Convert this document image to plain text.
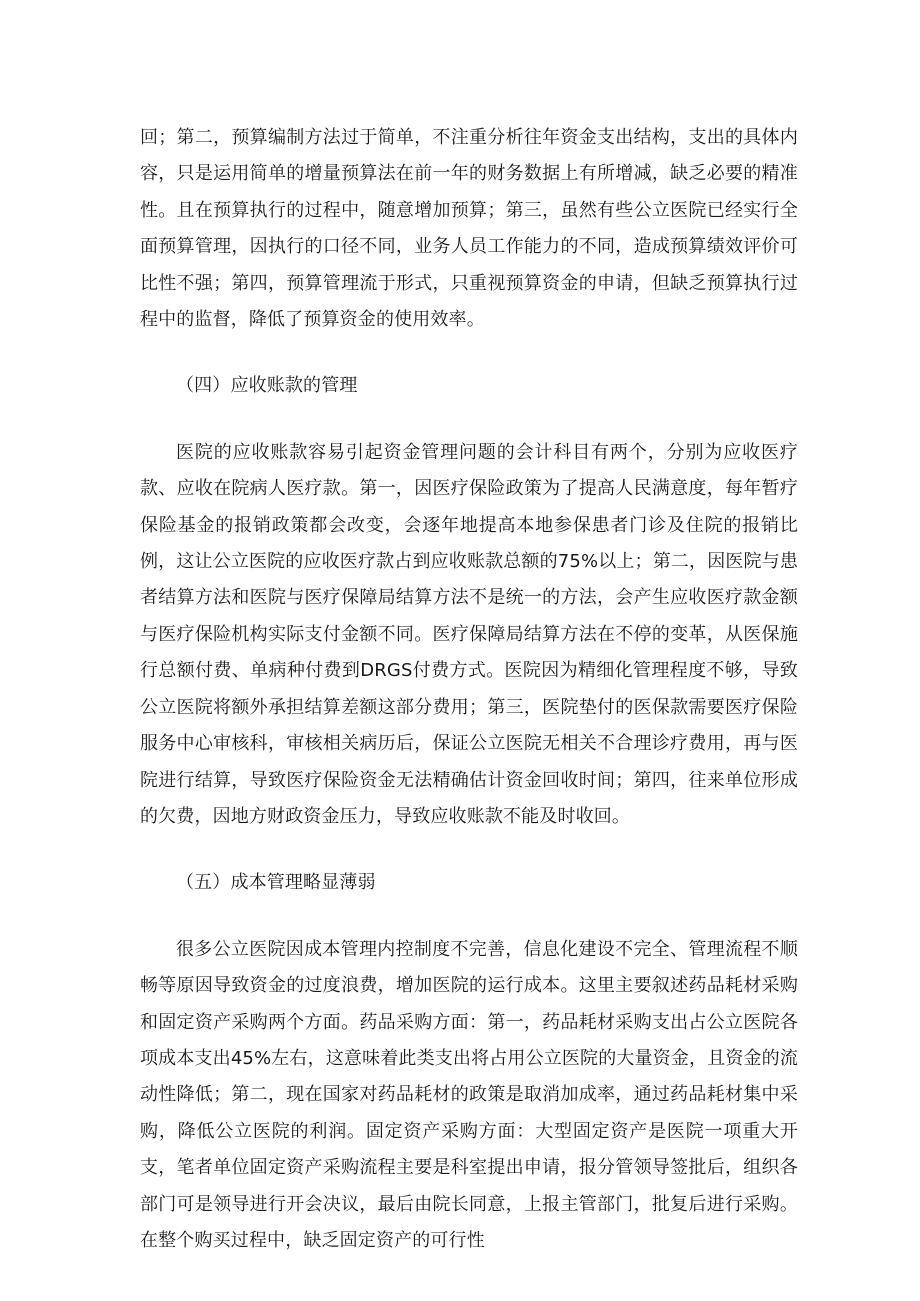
回；第二，预算编制方法过于简单，不注重分析往年资金支出结构，支出的具体内容，只是运用简单的增量预算法在前一年的财务数据上有所增减，缺乏必要的精准性。且在预算执行的过程中，随意增加预算；第三，虽然有些公立医院已经实行全面预算管理，因执行的口径不同，业务人员工作能力的不同，造成预算绩效评价可比性不强；第四，预算管理流于形式，只重视预算资金的申请，但缺乏预算执行过程中的监督，降低了预算资金的使用效率。

（四）应收账款的管理

医院的应收账款容易引起资金管理问题的会计科目有两个，分别为应收医疗款、应收在院病人医疗款。第一，因医疗保险政策为了提高人民满意度，每年暂疗保险基金的报销政策都会改变，会逐年地提高本地参保患者门诊及住院的报销比例，这让公立医院的应收医疗款占到应收账款总额的75%以上；第二，因医院与患者结算方法和医院与医疗保障局结算方法不是统一的方法，会产生应收医疗款金额与医疗保险机构实际支付金额不同。医疗保障局结算方法在不停的变革，从医保施行总额付费、单病种付费到DRGS付费方式。医院因为精细化管理程度不够，导致公立医院将额外承担结算差额这部分费用；第三，医院垫付的医保款需要医疗保险服务中心审核科，审核相关病历后，保证公立医院无相关不合理诊疗费用，再与医院进行结算，导致医疗保险资金无法精确估计资金回收时间；第四，往来单位形成的欠费，因地方财政资金压力，导致应收账款不能及时收回。

（五）成本管理略显薄弱

很多公立医院因成本管理内控制度不完善，信息化建设不完全、管理流程不顺畅等原因导致资金的过度浪费，增加医院的运行成本。这里主要叙述药品耗材采购和固定资产采购两个方面。药品采购方面：第一，药品耗材采购支出占公立医院各项成本支出45%左右，这意味着此类支出将占用公立医院的大量资金，且资金的流动性降低；第二，现在国家对药品耗材的政策是取消加成率，通过药品耗材集中采购，降低公立医院的利润。固定资产采购方面：大型固定资产是医院一项重大开支，笔者单位固定资产采购流程主要是科室提出申请，报分管领导签批后，组织各部门可是领导进行开会决议，最后由院长同意，上报主管部门，批复后进行采购。在整个购买过程中，缺乏固定资产的可行性
